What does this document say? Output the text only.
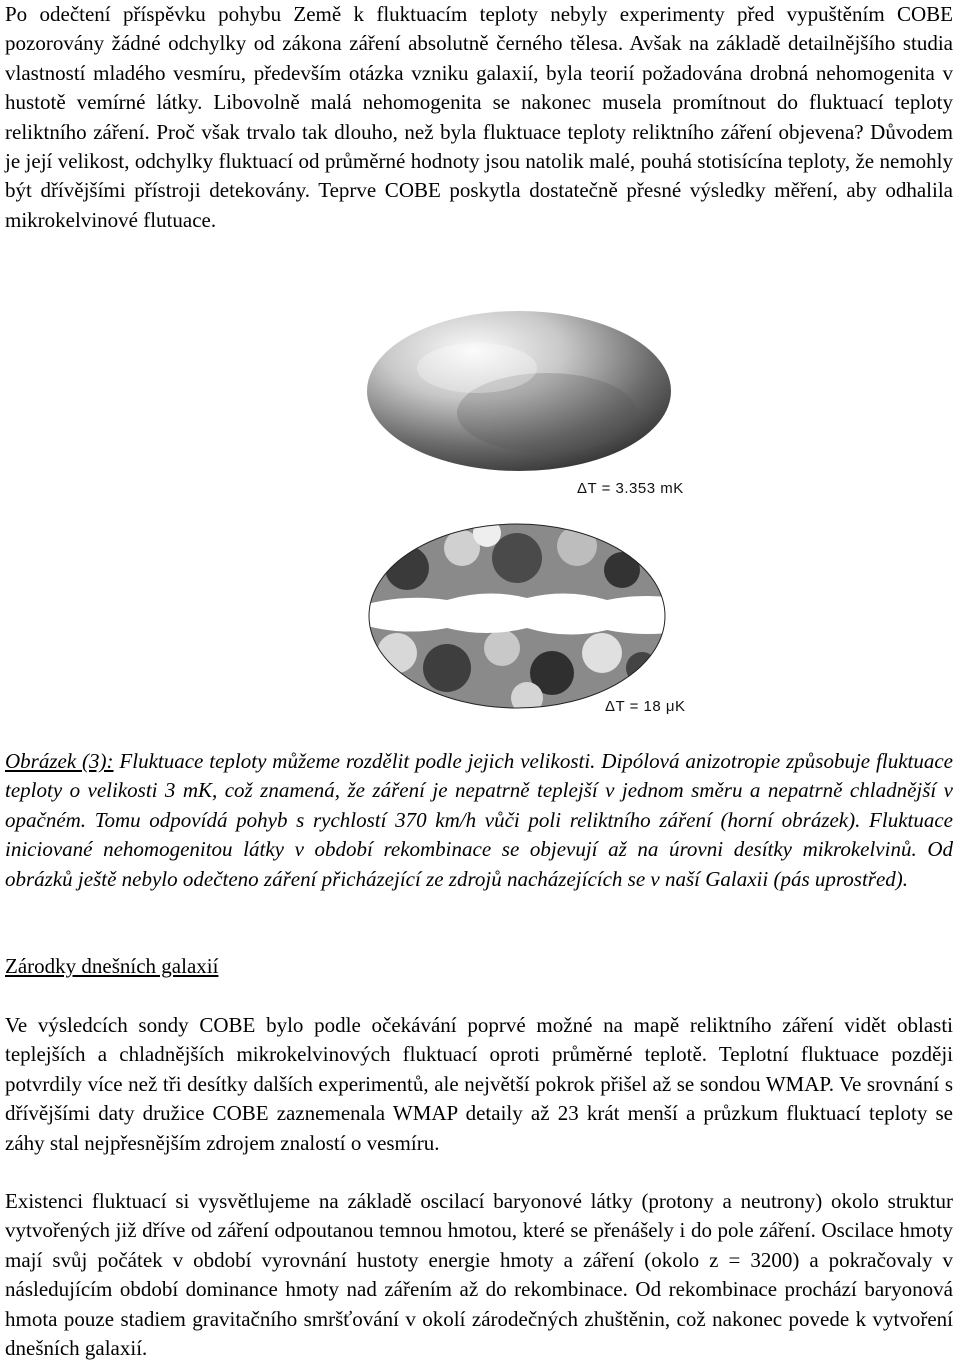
Po odečtení příspěvku pohybu Země k fluktuacím teploty nebyly experimenty před vypuštěním COBE pozorovány žádné odchylky od zákona záření absolutně černého tělesa. Avšak na základě detailnějšího studia vlastností mladého vesmíru, především otázka vzniku galaxií, byla teorií požadována drobná nehomogenita v hustotě vemírné látky. Libovolně malá nehomogenita se nakonec musela promítnout do fluktuací teploty reliktního záření. Proč však trvalo tak dlouho, než byla fluktuace teploty reliktního záření objevena? Důvodem je její velikost, odchylky fluktuací od průměrné hodnoty jsou natolik malé, pouhá stotisícína teploty, že nemohly být dřívějšími přístroji detekovány. Teprve COBE poskytla dostatečně přesné výsledky měření, aby odhalila mikrokelvinové flutuace.

ΔT = 3.353 mK
ΔT = 18 μK

Obrázek (3): Fluktuace teploty můžeme rozdělit podle jejich velikosti. Dipólová anizotropie způsobuje fluktuace teploty o velikosti 3 mK, což znamená, že záření je nepatrně teplejší v jednom směru a nepatrně chladnější v opačném. Tomu odpovídá pohyb s rychlostí 370 km/h vůči poli reliktního záření (horní obrázek). Fluktuace iniciované nehomogenitou látky v období rekombinace se objevují až na úrovni desítky mikrokelvinů. Od obrázků ještě nebylo odečteno záření přicházející ze zdrojů nacházejících se v naší Galaxii (pás uprostřed).

Zárodky dnešních galaxií

Ve výsledcích sondy COBE bylo podle očekávání poprvé možné na mapě reliktního záření vidět oblasti teplejších a chladnějších mikrokelvinových fluktuací oproti průměrné teplotě. Teplotní fluktuace později potvrdily více než tři desítky dalších experimentů, ale největší pokrok přišel až se sondou WMAP. Ve srovnání s dřívějšími daty družice COBE zaznemenala WMAP detaily až 23 krát menší a průzkum fluktuací teploty se záhy stal nejpřesnějším zdrojem znalostí o vesmíru.

Existenci fluktuací si vysvětlujeme na základě oscilací baryonové látky (protony a neutrony) okolo struktur vytvořených již dříve od záření odpoutanou temnou hmotou, které se přenášely i do pole záření. Oscilace hmoty mají svůj počátek v období vyrovnání hustoty energie hmoty a záření (okolo z = 3200) a pokračovaly v následujícím období dominance hmoty nad zářením až do rekombinace. Od rekombinace prochází baryonová hmota pouze stadiem gravitačního smršťování v okolí zárodečných zhuštěnin, což nakonec povede k vytvoření dnešních galaxií.
